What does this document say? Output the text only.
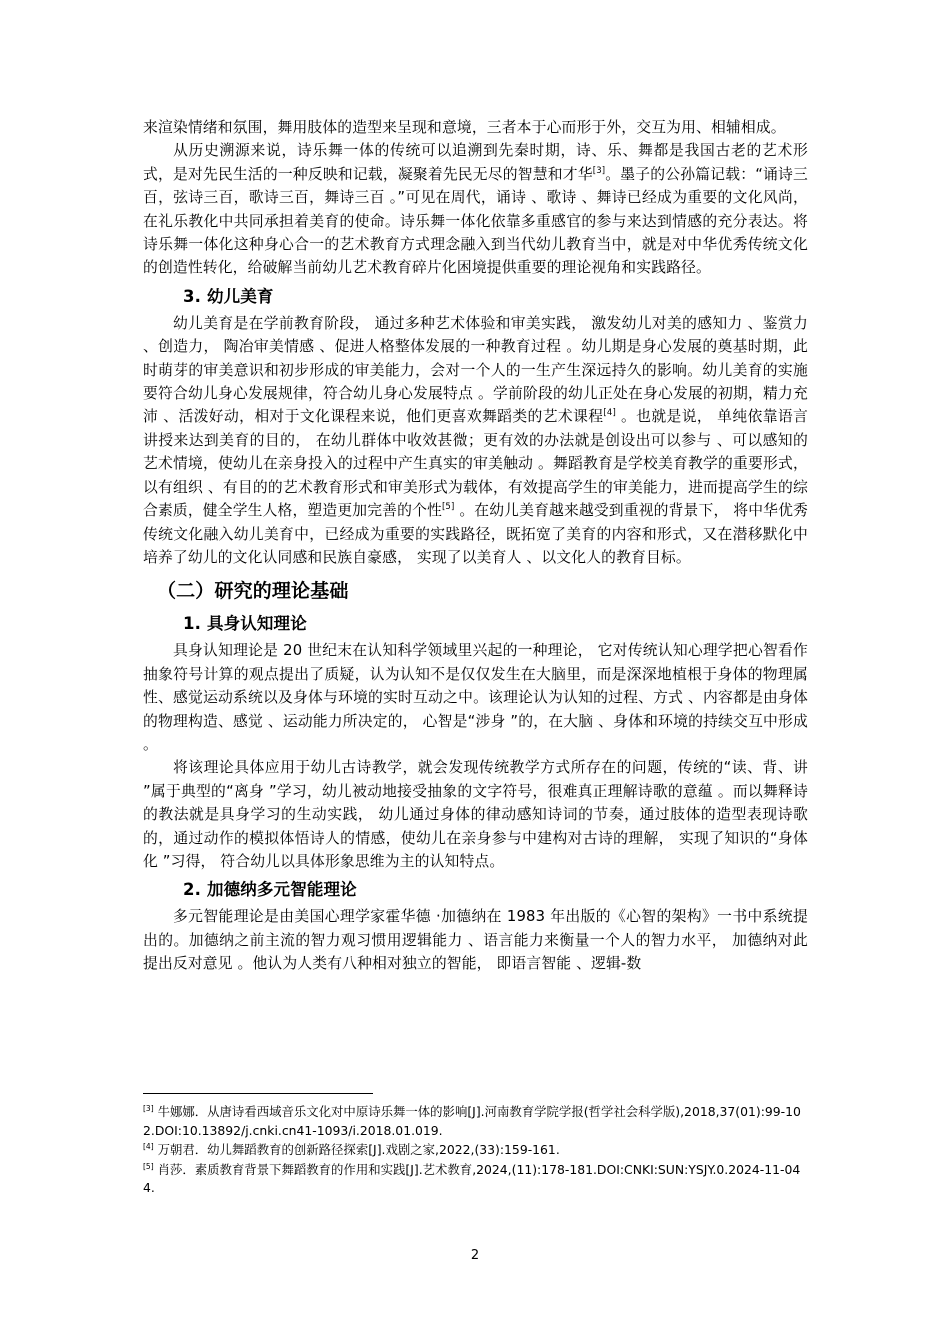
来渲染情绪和氛围，舞用肢体的造型来呈现和意境，三者本于心而形于外，交互为用、相辅相成。

从历史溯源来说，诗乐舞一体的传统可以追溯到先秦时期，诗、乐、舞都是我国古老的艺术形式，是对先民生活的一种反映和记载，凝聚着先民无尽的智慧和才华[3]。墨子的公孙篇记载：“诵诗三百，弦诗三百，歌诗三百，舞诗三百 。”可见在周代，诵诗 、歌诗 、舞诗已经成为重要的文化风尚，在礼乐教化中共同承担着美育的使命。诗乐舞一体化依靠多重感官的参与来达到情感的充分表达。将诗乐舞一体化这种身心合一的艺术教育方式理念融入到当代幼儿教育当中，就是对中华优秀传统文化的创造性转化，给破解当前幼儿艺术教育碎片化困境提供重要的理论视角和实践路径。

3. 幼儿美育

幼儿美育是在学前教育阶段， 通过多种艺术体验和审美实践， 激发幼儿对美的感知力 、鉴赏力 、创造力， 陶冶审美情感 、促进人格整体发展的一种教育过程 。幼儿期是身心发展的奠基时期，此时萌芽的审美意识和初步形成的审美能力，会对一个人的一生产生深远持久的影响。幼儿美育的实施要符合幼儿身心发展规律，符合幼儿身心发展特点 。学前阶段的幼儿正处在身心发展的初期，精力充沛 、活泼好动，相对于文化课程来说，他们更喜欢舞蹈类的艺术课程[4] 。也就是说， 单纯依靠语言讲授来达到美育的目的， 在幼儿群体中收效甚微；更有效的办法就是创设出可以参与 、可以感知的艺术情境，使幼儿在亲身投入的过程中产生真实的审美触动 。舞蹈教育是学校美育教学的重要形式， 以有组织 、有目的的艺术教育形式和审美形式为载体，有效提高学生的审美能力，进而提高学生的综合素质，健全学生人格，塑造更加完善的个性[5] 。在幼儿美育越来越受到重视的背景下， 将中华优秀传统文化融入幼儿美育中，已经成为重要的实践路径，既拓宽了美育的内容和形式，又在潜移默化中培养了幼儿的文化认同感和民族自豪感， 实现了以美育人 、以文化人的教育目标。

（二）研究的理论基础
1. 具身认知理论

具身认知理论是 20 世纪末在认知科学领域里兴起的一种理论， 它对传统认知心理学把心智看作抽象符号计算的观点提出了质疑，认为认知不是仅仅发生在大脑里，而是深深地植根于身体的物理属性、感觉运动系统以及身体与环境的实时互动之中。该理论认为认知的过程、方式 、内容都是由身体的物理构造、感觉 、运动能力所决定的， 心智是“涉身 ”的，在大脑 、身体和环境的持续交互中形成 。

将该理论具体应用于幼儿古诗教学，就会发现传统教学方式所存在的问题，传统的“读、背、讲 ”属于典型的“离身 ”学习，幼儿被动地接受抽象的文字符号，很难真正理解诗歌的意蕴 。而以舞释诗的教法就是具身学习的生动实践， 幼儿通过身体的律动感知诗词的节奏，通过肢体的造型表现诗歌的，通过动作的模拟体悟诗人的情感，使幼儿在亲身参与中建构对古诗的理解， 实现了知识的“身体化 ”习得， 符合幼儿以具体形象思维为主的认知特点。

2. 加德纳多元智能理论

多元智能理论是由美国心理学家霍华德 ·加德纳在 1983 年出版的《心智的架构》一书中系统提出的。加德纳之前主流的智力观习惯用逻辑能力 、语言能力来衡量一个人的智力水平， 加德纳对此提出反对意见 。他认为人类有八种相对独立的智能， 即语言智能 、逻辑-数

[3] 牛娜娜．从唐诗看西域音乐文化对中原诗乐舞一体的影响[J].河南教育学院学报(哲学社会科学版),2018,37(01):99-102.DOI:10.13892/j.cnki.cn41-1093/i.2018.01.019.

[4] 万朝君．幼儿舞蹈教育的创新路径探索[J].戏剧之家,2022,(33):159-161.

[5] 肖莎．素质教育背景下舞蹈教育的作用和实践[J].艺术教育,2024,(11):178-181.DOI:CNKI:SUN:YSJY.0.2024-11-044.

2
